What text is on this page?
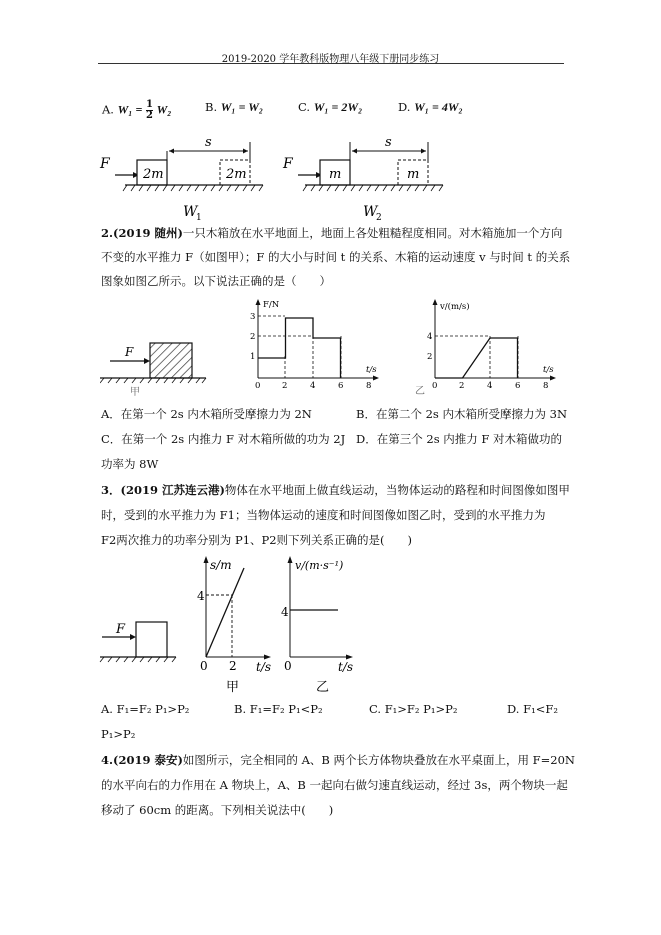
2019-2020 学年教科版物理八年级下册同步练习
A. $W_1 = \frac{1}{2} W_2$	B. W₁ = W₂	C. W₁ = 2W₂	D. W₁ = 4W₂
F
2m	2m
s
W
1
F
m	m
s
W
2
2.(2019 随州)一只木箱放在水平地面上，地面上各处粗糙程度相同。对木箱施加一个方向
不变的水平推力 F（如图甲）；F 的大小与时间 t 的关系、木箱的运动速度 v 与时间 t 的关系
图象如图乙所示。以下说法正确的是（　　）
F
甲
F/N
t/s
1
2
3
0	2	4	6	8
v/(m/s)
t/s
2
4
0	2	4	6	8
乙
A．在第一个 2s 内木箱所受摩擦力为 2N	B．在第二个 2s 内木箱所受摩擦力为 3N
C．在第一个 2s 内推力 F 对木箱所做的功为 2J D．在第三个 2s 内推力 F 对木箱做功的
功率为 8W
3．(2019 江苏连云港)物体在水平地面上做直线运动，当物体运动的路程和时间图像如图甲
时，受到的水平推力为 F1；当物体运动的速度和时间图像如图乙时，受到的水平推力为
F2两次推力的功率分别为 P1、P2则下列关系正确的是(　　)
F
s/m
t/s
4
0 2
甲
v/(m·s⁻¹)
t/s
4
0
乙
A. F₁=F₂ P₁>P₂	B. F₁=F₂ P₁<P₂	C. F₁>F₂ P₁>P₂	D. F₁<F₂
P₁>P₂
4.(2019 泰安)如图所示，完全相同的 A、B 两个长方体物块叠放在水平桌面上，用 F=20N
的水平向右的力作用在 A 物块上，A、B 一起向右做匀速直线运动，经过 3s，两个物块一起
移动了 60cm 的距离。下列相关说法中(　　)
